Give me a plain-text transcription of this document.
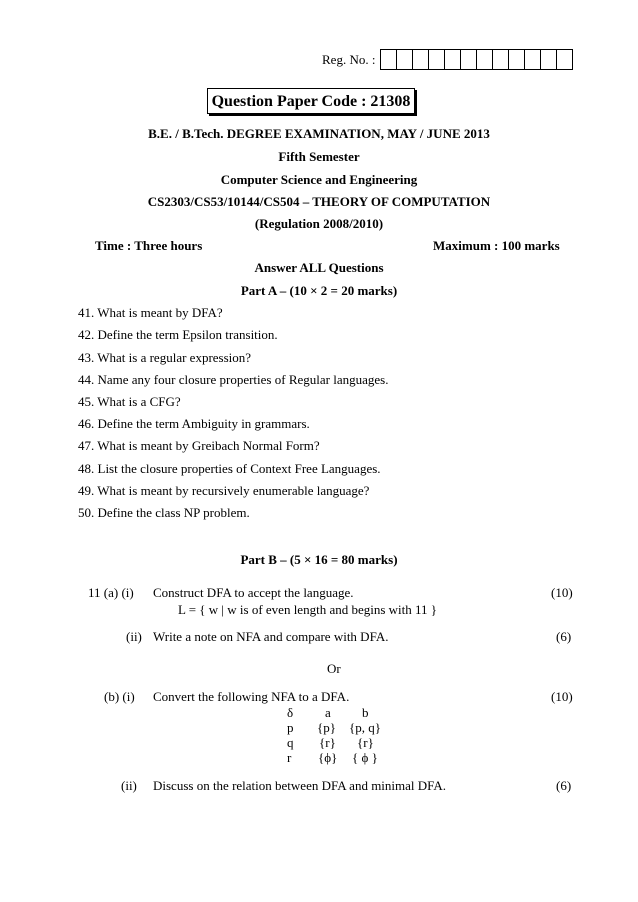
Reg. No. :
Question Paper Code : 21308
B.E. / B.Tech. DEGREE EXAMINATION, MAY / JUNE 2013
Fifth Semester
Computer Science and Engineering
CS2303/CS53/10144/CS504 – THEORY OF COMPUTATION
(Regulation 2008/2010)
Time : Three hours	Maximum : 100 marks
Answer ALL Questions
Part A – (10 × 2 = 20 marks)
41. What is meant by DFA?
42. Define the term Epsilon transition.
43. What is a regular expression?
44. Name any four closure properties of Regular languages.
45. What is a CFG?
46. Define the term Ambiguity in grammars.
47. What is meant by Greibach Normal Form?
48. List the closure properties of Context Free Languages.
49. What is meant by recursively enumerable language?
50. Define the class NP problem.
Part B – (5 × 16 = 80 marks)
11 (a) (i) Construct DFA to accept the language.	(10)
L = { w | w is of even length and begins with 11 }
(ii) Write a note on NFA and compare with DFA.	(6)
Or
(b) (i) Convert the following NFA to a DFA.	(10)
δ a b
p {p} {p, q}
q {r} {r}
r {ϕ} { ϕ }
(ii) Discuss on the relation between DFA and minimal DFA.	(6)
